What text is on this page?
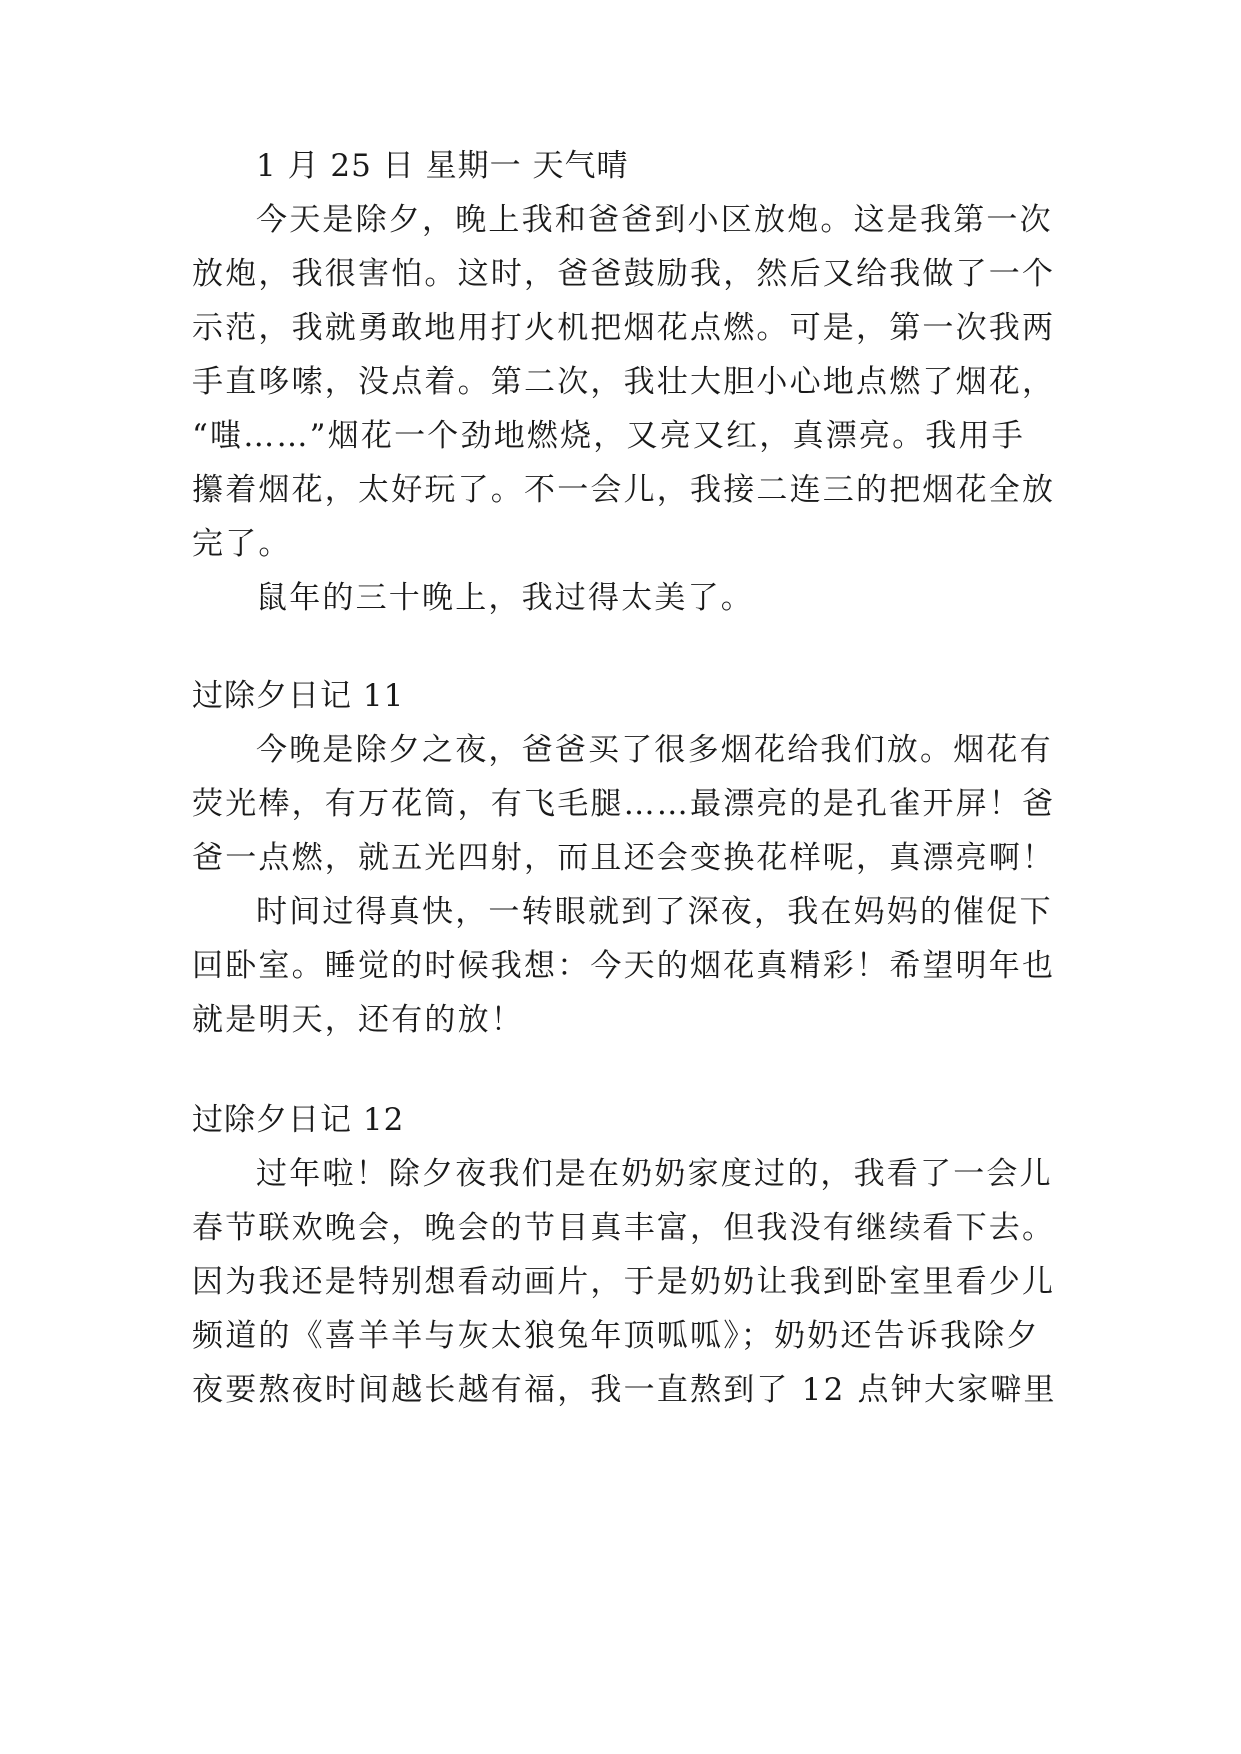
1 月 25 日 星期一 天气晴
今天是除夕，晚上我和爸爸到小区放炮。这是我第一次
放炮，我很害怕。这时，爸爸鼓励我，然后又给我做了一个
示范，我就勇敢地用打火机把烟花点燃。可是，第一次我两
手直哆嗦，没点着。第二次，我壮大胆小心地点燃了烟花，
“嗤……”烟花一个劲地燃烧，又亮又红，真漂亮。我用手
攥着烟花，太好玩了。不一会儿，我接二连三的把烟花全放
完了。
鼠年的三十晚上，我过得太美了。
过除夕日记 11
今晚是除夕之夜，爸爸买了很多烟花给我们放。烟花有
荧光棒，有万花筒，有飞毛腿……最漂亮的是孔雀开屏！爸
爸一点燃，就五光四射，而且还会变换花样呢，真漂亮啊！
时间过得真快，一转眼就到了深夜，我在妈妈的催促下
回卧室。睡觉的时候我想：今天的烟花真精彩！希望明年也
就是明天，还有的放！
过除夕日记 12
过年啦！除夕夜我们是在奶奶家度过的，我看了一会儿
春节联欢晚会，晚会的节目真丰富，但我没有继续看下去。
因为我还是特别想看动画片，于是奶奶让我到卧室里看少儿
频道的《喜羊羊与灰太狼兔年顶呱呱》；奶奶还告诉我除夕
夜要熬夜时间越长越有福，我一直熬到了 12 点钟大家噼里
